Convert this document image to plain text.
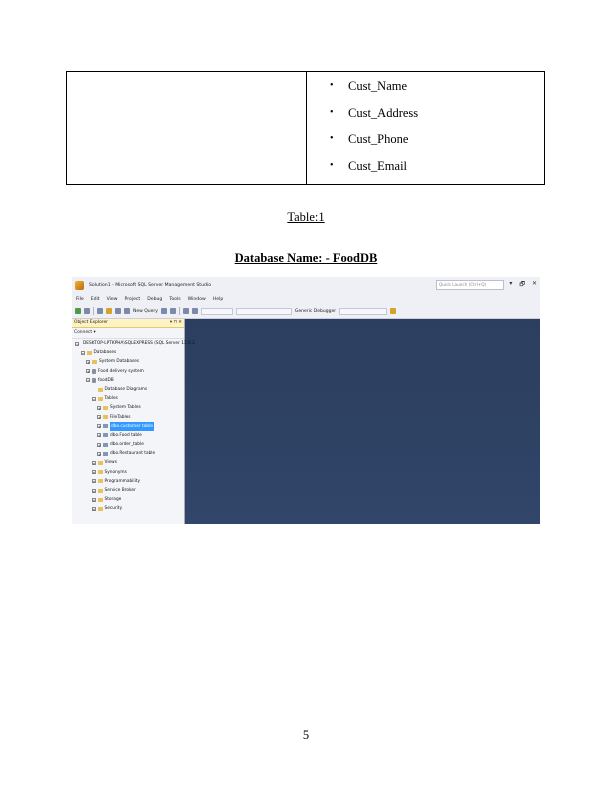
•	Cust_Name
•	Cust_Address
•	Cust_Phone
•	Cust_Email
Table:1
Database Name: - FoodDB
Solution1 - Microsoft SQL Server Management Studio	Quick Launch (Ctrl+Q)	▾ 🗗 ✕
File Edit View Project Debug Tools Window Help
New Query	Generic Debugger
Object Explorer	▾ ⊓ ✕
Connect ▾
− DESKTOP-LPTKPHA\SQLEXPRESS (SQL Server 11.0.2
− Databases
+ System Databases
+ Food delivery system
− foodDB
Database Diagrams
− Tables
+ System Tables
+ FileTables
+ dbo.customer table
+ dbo.Food table
+ dbo.order_table
+ dbo.Restaurant table
+ Views
+ Synonyms
+ Programmability
+ Service Broker
+ Storage
+ Security
5
